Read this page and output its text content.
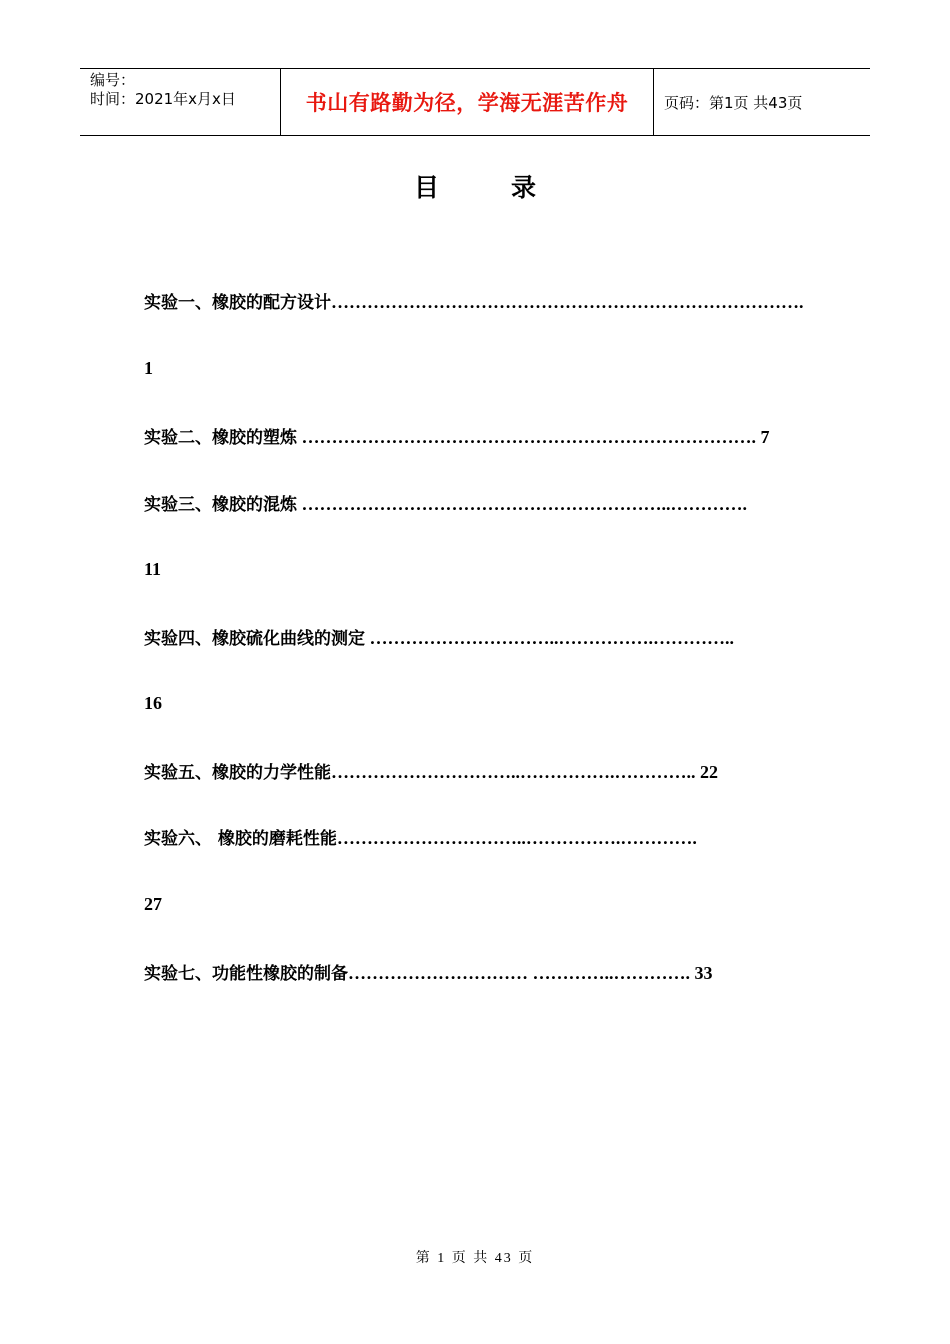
编号：
时间：2021年x月x日	书山有路勤为径，学海无涯苦作舟	页码：第1页 共43页
目	录
实验一、橡胶的配方设计…………………………………………………………………….
1
实验二、橡胶的塑炼 …………………………………………………………………. 7
实验三、橡胶的混炼 ……………………………………………………..………….
11
实验四、橡胶硫化曲线的测定 …………………………..…………….…………..
16
实验五、橡胶的力学性能…………………………..…………….………….. 22
实验六、 橡胶的磨耗性能…………………………..…………….………….
27
实验七、功能性橡胶的制备………………………… …………..…………. 33
第 1 页 共 43 页
